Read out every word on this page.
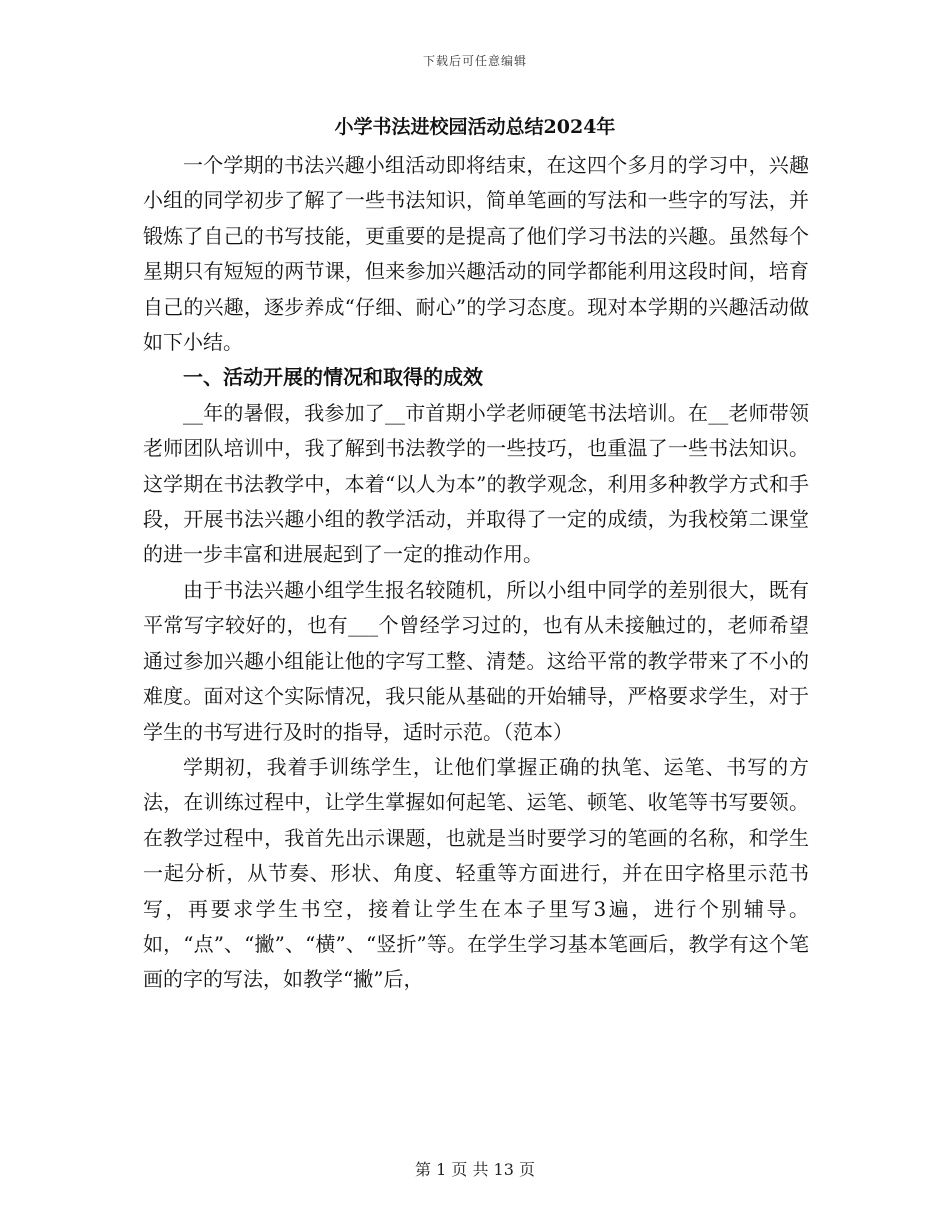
下载后可任意编辑
小学书法进校园活动总结2024年

一个学期的书法兴趣小组活动即将结束，在这四个多月的学习中，兴趣小组的同学初步了解了一些书法知识，简单笔画的写法和一些字的写法，并锻炼了自己的书写技能，更重要的是提高了他们学习书法的兴趣。虽然每个星期只有短短的两节课，但来参加兴趣活动的同学都能利用这段时间，培育自己的兴趣，逐步养成“仔细、耐心”的学习态度。现对本学期的兴趣活动做如下小结。

一、活动开展的情况和取得的成效

__年的暑假，我参加了__市首期小学老师硬笔书法培训。在__老师带领老师团队培训中，我了解到书法教学的一些技巧，也重温了一些书法知识。这学期在书法教学中，本着“以人为本”的教学观念，利用多种教学方式和手段，开展书法兴趣小组的教学活动，并取得了一定的成绩，为我校第二课堂的进一步丰富和进展起到了一定的推动作用。

由于书法兴趣小组学生报名较随机，所以小组中同学的差别很大，既有平常写字较好的，也有___个曾经学习过的，也有从未接触过的，老师希望通过参加兴趣小组能让他的字写工整、清楚。这给平常的教学带来了不小的难度。面对这个实际情况，我只能从基础的开始辅导，严格要求学生，对于学生的书写进行及时的指导，适时示范。（范本）

学期初，我着手训练学生，让他们掌握正确的执笔、运笔、书写的方法，在训练过程中，让学生掌握如何起笔、运笔、顿笔、收笔等书写要领。在教学过程中，我首先出示课题，也就是当时要学习的笔画的名称，和学生一起分析，从节奏、形状、角度、轻重等方面进行，并在田字格里示范书写，再要求学生书空，接着让学生在本子里写3遍，进行个别辅导。如，“点”、“撇”、“横”、“竖折”等。在学生学习基本笔画后，教学有这个笔画的字的写法，如教学“撇”后，

第 1 页 共 13 页
